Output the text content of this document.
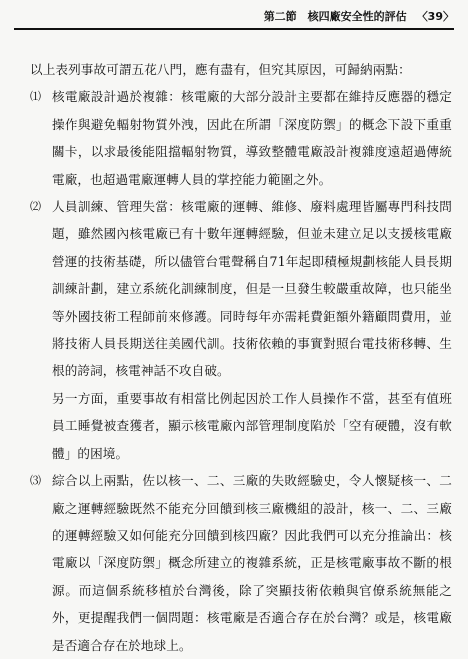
第二節　核四廠安全性的評估 〈39〉

以上表列事故可謂五花八門，應有盡有，但究其原因，可歸納兩點：

⑴ 核電廠設計過於複雜：核電廠的大部分設計主要都在維持反應器的穩定操作與避免輻射物質外洩，因此在所謂「深度防禦」的概念下設下重重關卡，以求最後能阻擋輻射物質，導致整體電廠設計複雜度遠超過傳統電廠，也超過電廠運轉人員的掌控能力範圍之外。

⑵ 人員訓練、管理失當：核電廠的運轉、維修、廢料處理皆屬專門科技問題，雖然國內核電廠已有十數年運轉經驗，但並未建立足以支援核電廠營運的技術基礎，所以儘管台電聲稱自71年起即積極規劃核能人員長期訓練計劃，建立系統化訓練制度，但是一旦發生較嚴重故障，也只能坐等外國技術工程師前來修護。同時每年亦需耗費鉅額外籍顧問費用，並將技術人員長期送往美國代訓。技術依賴的事實對照台電技術移轉、生根的誇詞，核電神話不攻自破。

另一方面，重要事故有相當比例起因於工作人員操作不當，甚至有值班員工睡覺被查獲者，顯示核電廠內部管理制度陷於「空有硬體，沒有軟體」的困境。

⑶ 綜合以上兩點，佐以核一、二、三廠的失敗經驗史，令人懷疑核一、二廠之運轉經驗既然不能充分回饋到核三廠機組的設計，核一、二、三廠的運轉經驗又如何能充分回饋到核四廠？因此我們可以充分推論出：核電廠以「深度防禦」概念所建立的複雜系統，正是核電廠事故不斷的根源。而這個系統移植於台灣後，除了突顯技術依賴與官僚系統無能之外，更提醒我們一個問題：核電廠是否適合存在於台灣？或是，核電廠是否適合存在於地球上。
